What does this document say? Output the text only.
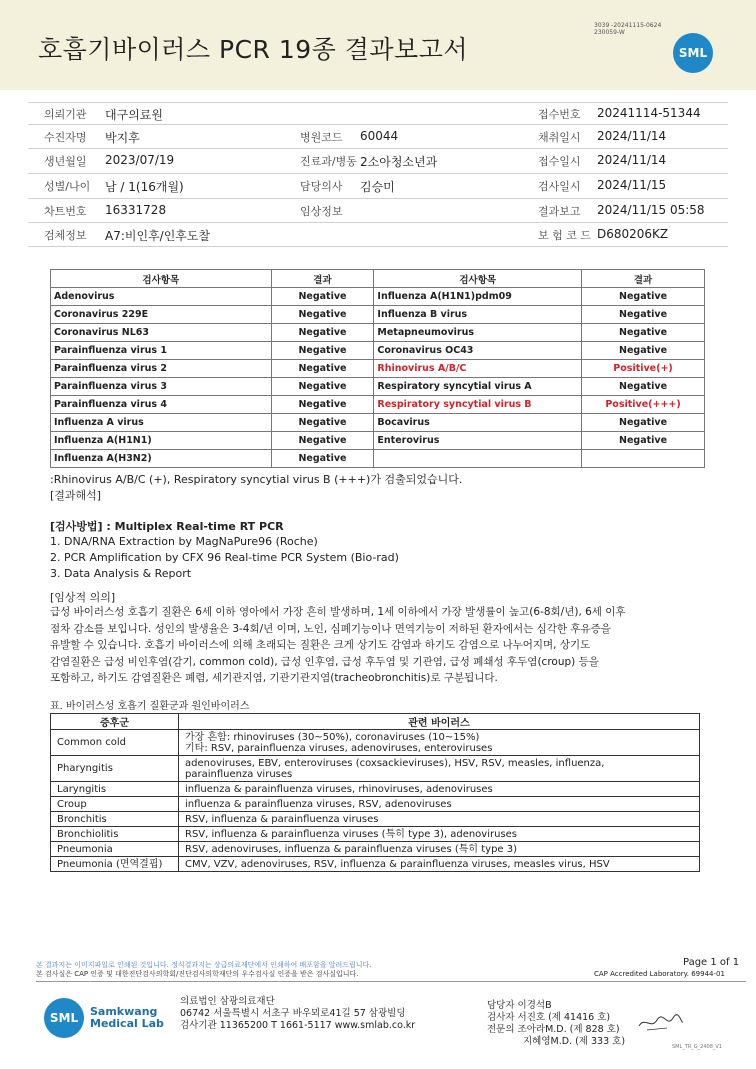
호흡기바이러스 PCR 19종 결과보고서
3039 -20241115-0624
230059-W
SML
의뢰기관 대구의료원	접수번호 20241114-51344
수진자명 박지후	병원코드 60044	채취일시 2024/11/14
생년월일 2023/07/19	진료과/병동 2소아청소년과	접수일시 2024/11/14
성별/나이 남 / 1(16개월)	담당의사 김승미	검사일시 2024/11/15
차트번호 16331728	임상정보	결과보고 2024/11/15 05:58
검체정보 A7:비인후/인후도찰	보 험 코 드 D680206KZ
검사항목	결과	검사항목	결과
Adenovirus	Negative	Influenza A(H1N1)pdm09	Negative
Coronavirus 229E	Negative	Influenza B virus	Negative
Coronavirus NL63	Negative	Metapneumovirus	Negative
Parainfluenza virus 1	Negative	Coronavirus OC43	Negative
Parainfluenza virus 2	Negative	Rhinovirus A/B/C	Positive(+)
Parainfluenza virus 3	Negative	Respiratory syncytial virus A	Negative
Parainfluenza virus 4	Negative	Respiratory syncytial virus B	Positive(+++)
Influenza A virus	Negative	Bocavirus	Negative
Influenza A(H1N1)	Negative	Enterovirus	Negative
Influenza A(H3N2)	Negative		
:Rhinovirus A/B/C (+), Respiratory syncytial virus B (+++)가 검출되었습니다.
[결과해석]
[검사방법] : Multiplex Real-time RT PCR
1. DNA/RNA Extraction by MagNaPure96 (Roche)
2. PCR Amplification by CFX 96 Real-time PCR System (Bio-rad)
3. Data Analysis & Report
[임상적 의의]
급성 바이러스성 호흡기 질환은 6세 이하 영아에서 가장 흔히 발생하며, 1세 이하에서 가장 발생률이 높고(6-8회/년), 6세 이후
점차 감소를 보입니다. 성인의 발생율은 3-4회/년 이며, 노인, 심폐기능이나 면역기능이 저하된 환자에서는 심각한 후유증을
유발할 수 있습니다. 호흡기 바이러스에 의해 초래되는 질환은 크게 상기도 감염과 하기도 감염으로 나누어지며, 상기도
감염질환은 급성 비인후염(감기, common cold), 급성 인후염, 급성 후두염 및 기관염, 급성 폐쇄성 후두염(croup) 등을
포함하고, 하기도 감염질환은 폐렴, 세기관지염, 기관기관지염(tracheobronchitis)로 구분됩니다.
표. 바이러스성 호흡기 질환군과 원인바이러스
증후군	관련 바이러스
Common cold	가장 흔함: rhinoviruses (30~50%), coronaviruses (10~15%)
기타: RSV, parainfluenza viruses, adenoviruses, enteroviruses

Pharyngitis	adenoviruses, EBV, enteroviruses (coxsackieviruses), HSV, RSV, measles, influenza,
parainfluenza viruses

Laryngitis	influenza & parainfluenza viruses, rhinoviruses, adenoviruses
Croup	influenza & parainfluenza viruses, RSV, adenoviruses
Bronchitis	RSV, influenza & parainfluenza viruses
Bronchiolitis	RSV, influenza & parainfluenza viruses (특히 type 3), adenoviruses
Pneumonia	RSV, adenoviruses, influenza & parainfluenza viruses (특히 type 3)
Pneumonia (면역결핍)	CMV, VZV, adenoviruses, RSV, influenza & parainfluenza viruses, measles virus, HSV
본 결과지는 이미지파일로 인쇄된 것입니다. 정식결과지는 상급의료재단에서 인쇄하여 배포함을 알려드립니다.
본 검사실은 CAP 인증 및 대한진단검사의학회/진단검사의학재단의 우수검사실 인증을 받은 검사실입니다.
Page 1 of 1
CAP Accredited Laboratory. 69944-01
SML	Samkwang
Medical Lab
의료법인 삼광의료재단
06742 서울특별시 서초구 바우뫼로41길 57 삼광빌딩
검사기관 11365200 T 1661-5117 www.smlab.co.kr
담당자 이경석B
검사자 서진호 (제 41416 호)
전문의 조아라M.D. (제 828 호)
지혜영M.D. (제 333 호)	SML_TR_G_2408_V1
